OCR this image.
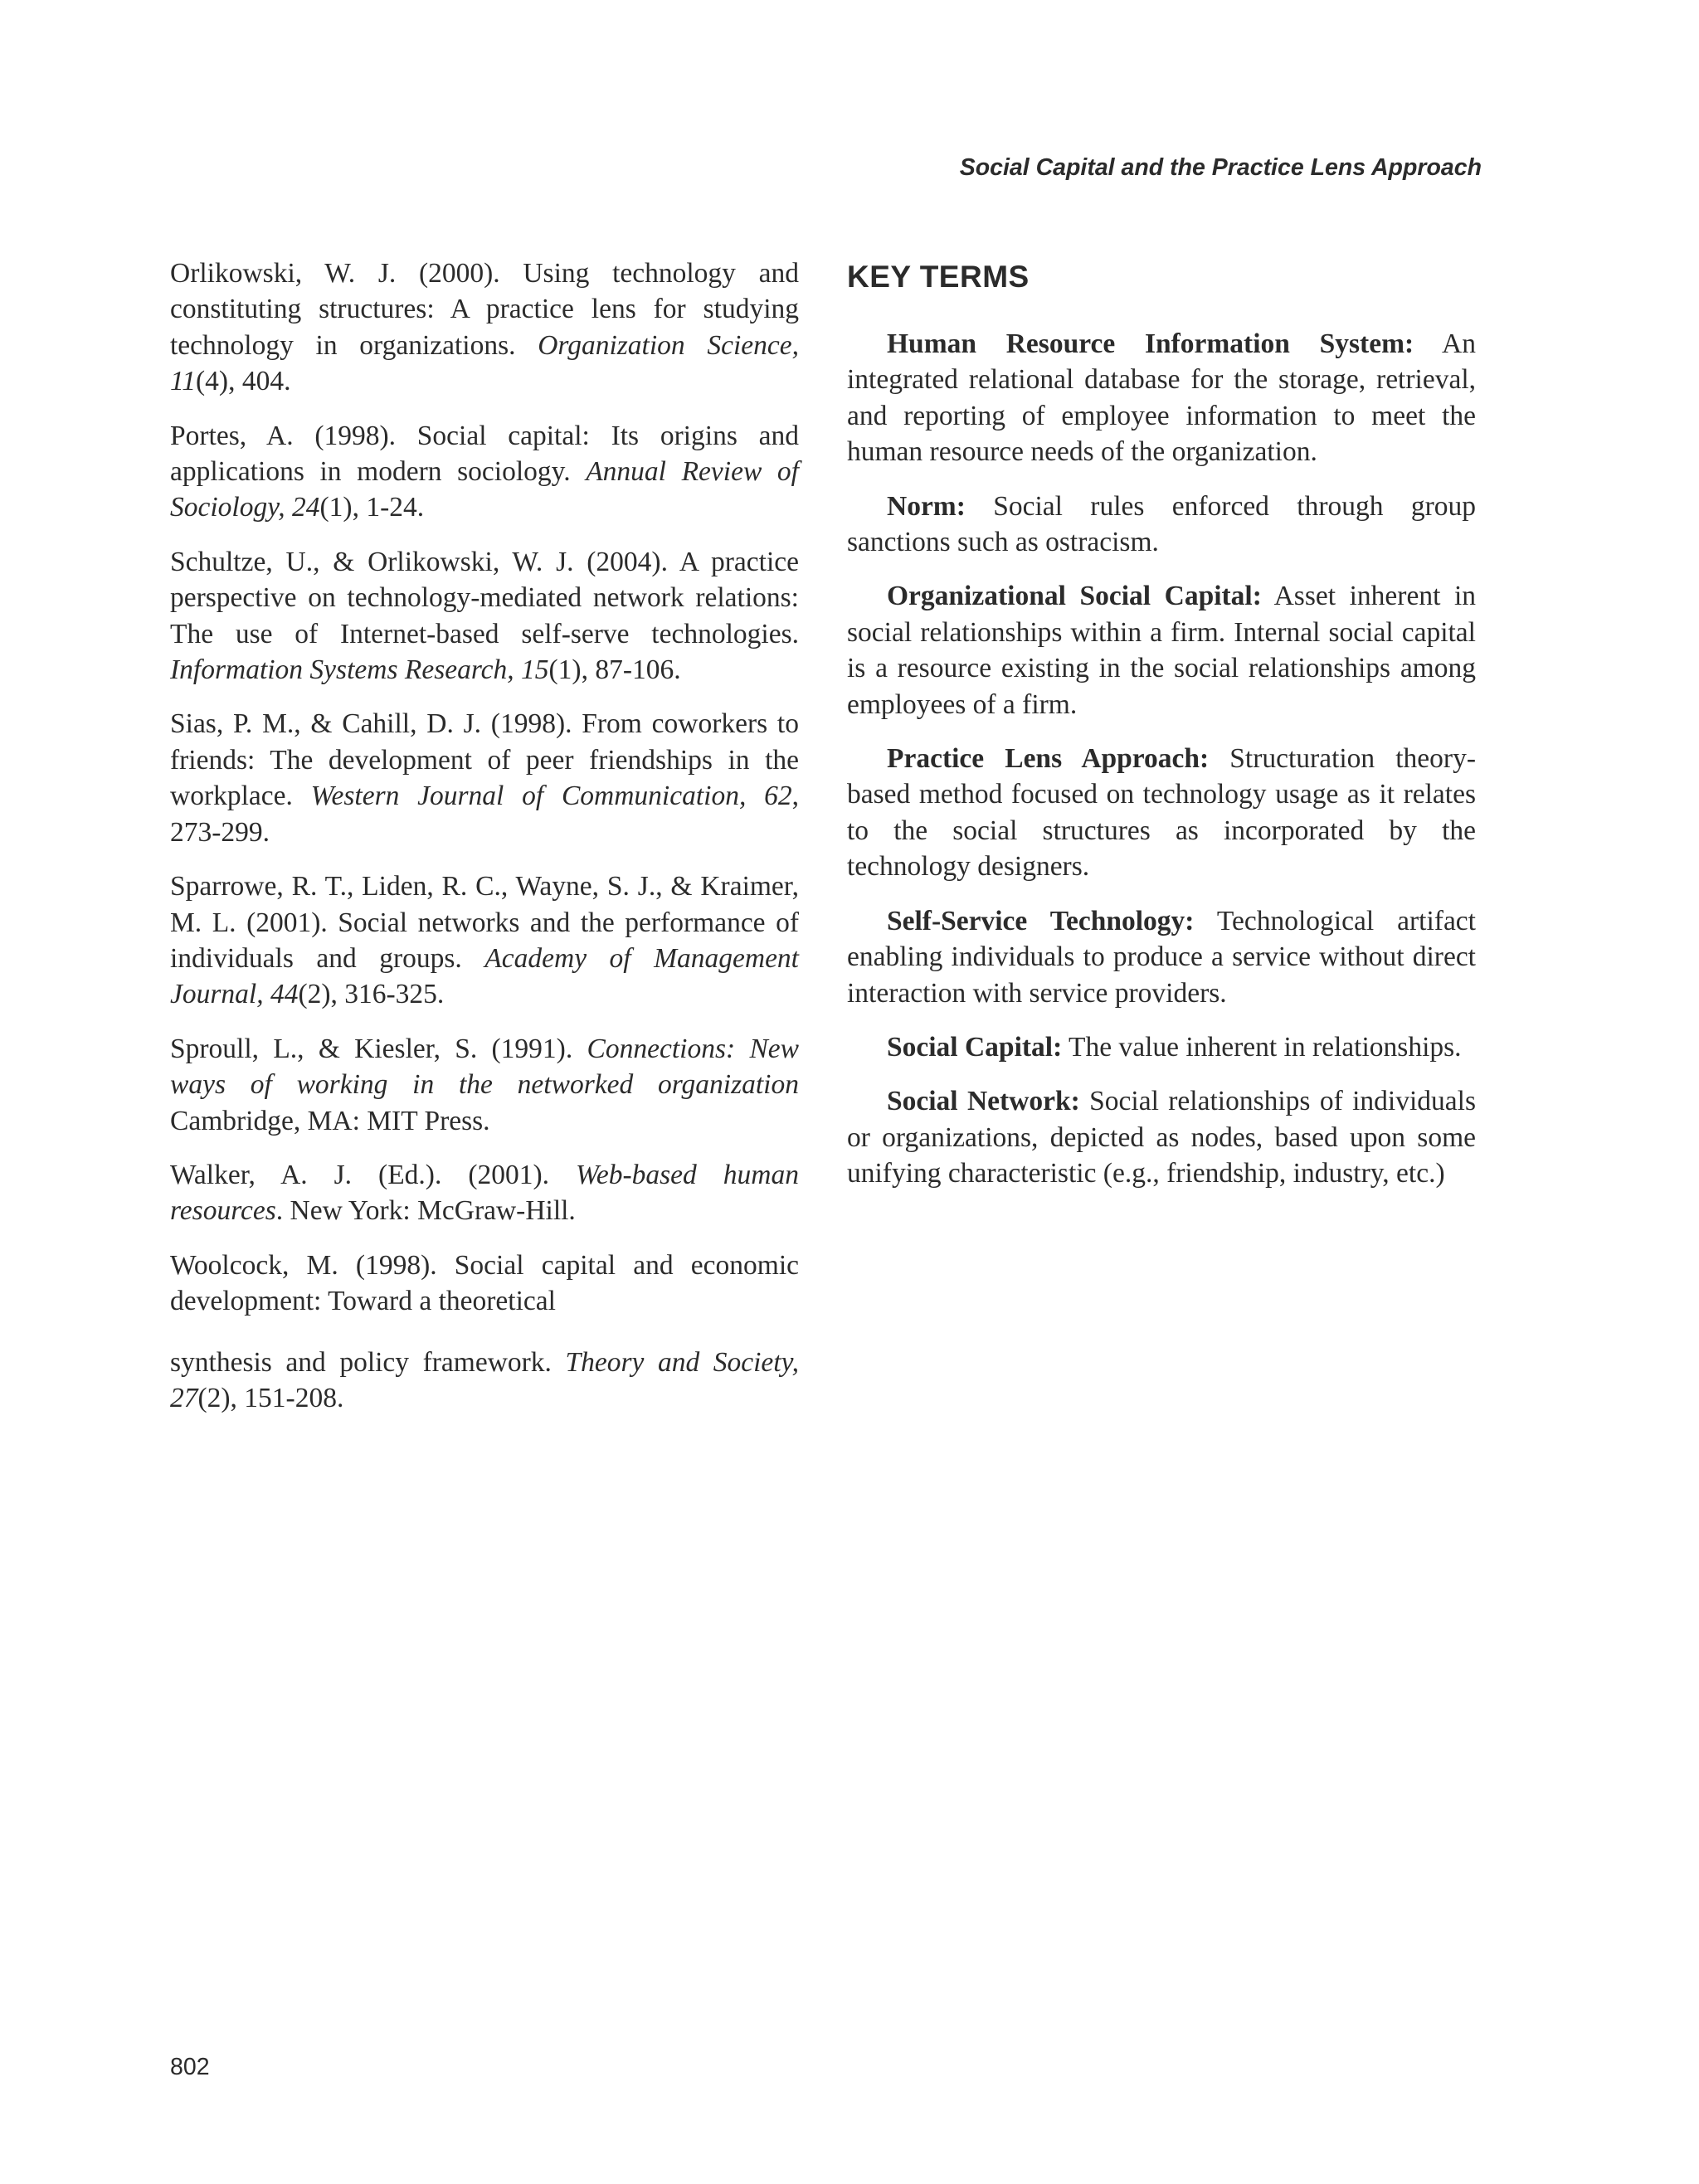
Social Capital and the Practice Lens Approach

Orlikowski, W. J. (2000). Using technology and constituting structures: A practice lens for studying technology in organizations. Organization Science, 11(4), 404.

Portes, A. (1998). Social capital: Its origins and applications in modern sociology. Annual Review of Sociology, 24(1), 1-24.

Schultze, U., & Orlikowski, W. J. (2004). A practice perspective on technology-mediated network relations: The use of Internet-based self-serve technologies. Information Systems Research, 15(1), 87-106.

Sias, P. M., & Cahill, D. J. (1998). From coworkers to friends: The development of peer friendships in the workplace. Western Journal of Communication, 62, 273-299.

Sparrowe, R. T., Liden, R. C., Wayne, S. J., & Kraimer, M. L. (2001). Social networks and the performance of individuals and groups. Academy of Management Journal, 44(2), 316-325.

Sproull, L., & Kiesler, S. (1991). Connections: New ways of working in the networked organization Cambridge, MA: MIT Press.

Walker, A. J. (Ed.). (2001). Web-based human resources. New York: McGraw-Hill.

Woolcock, M. (1998). Social capital and economic development: Toward a theoretical

synthesis and policy framework. Theory and Society, 27(2), 151-208.

KEY TERMS

Human Resource Information System: An integrated relational database for the storage, retrieval, and reporting of employee information to meet the human resource needs of the organization.

Norm: Social rules enforced through group sanctions such as ostracism.

Organizational Social Capital: Asset inherent in social relationships within a firm. Internal social capital is a resource existing in the social relationships among employees of a firm.

Practice Lens Approach: Structuration theory-based method focused on technology usage as it relates to the social structures as incorporated by the technology designers.

Self-Service Technology: Technological artifact enabling individuals to produce a service without direct interaction with service providers.

Social Capital: The value inherent in relationships.

Social Network: Social relationships of individuals or organizations, depicted as nodes, based upon some unifying characteristic (e.g., friendship, industry, etc.)

802
